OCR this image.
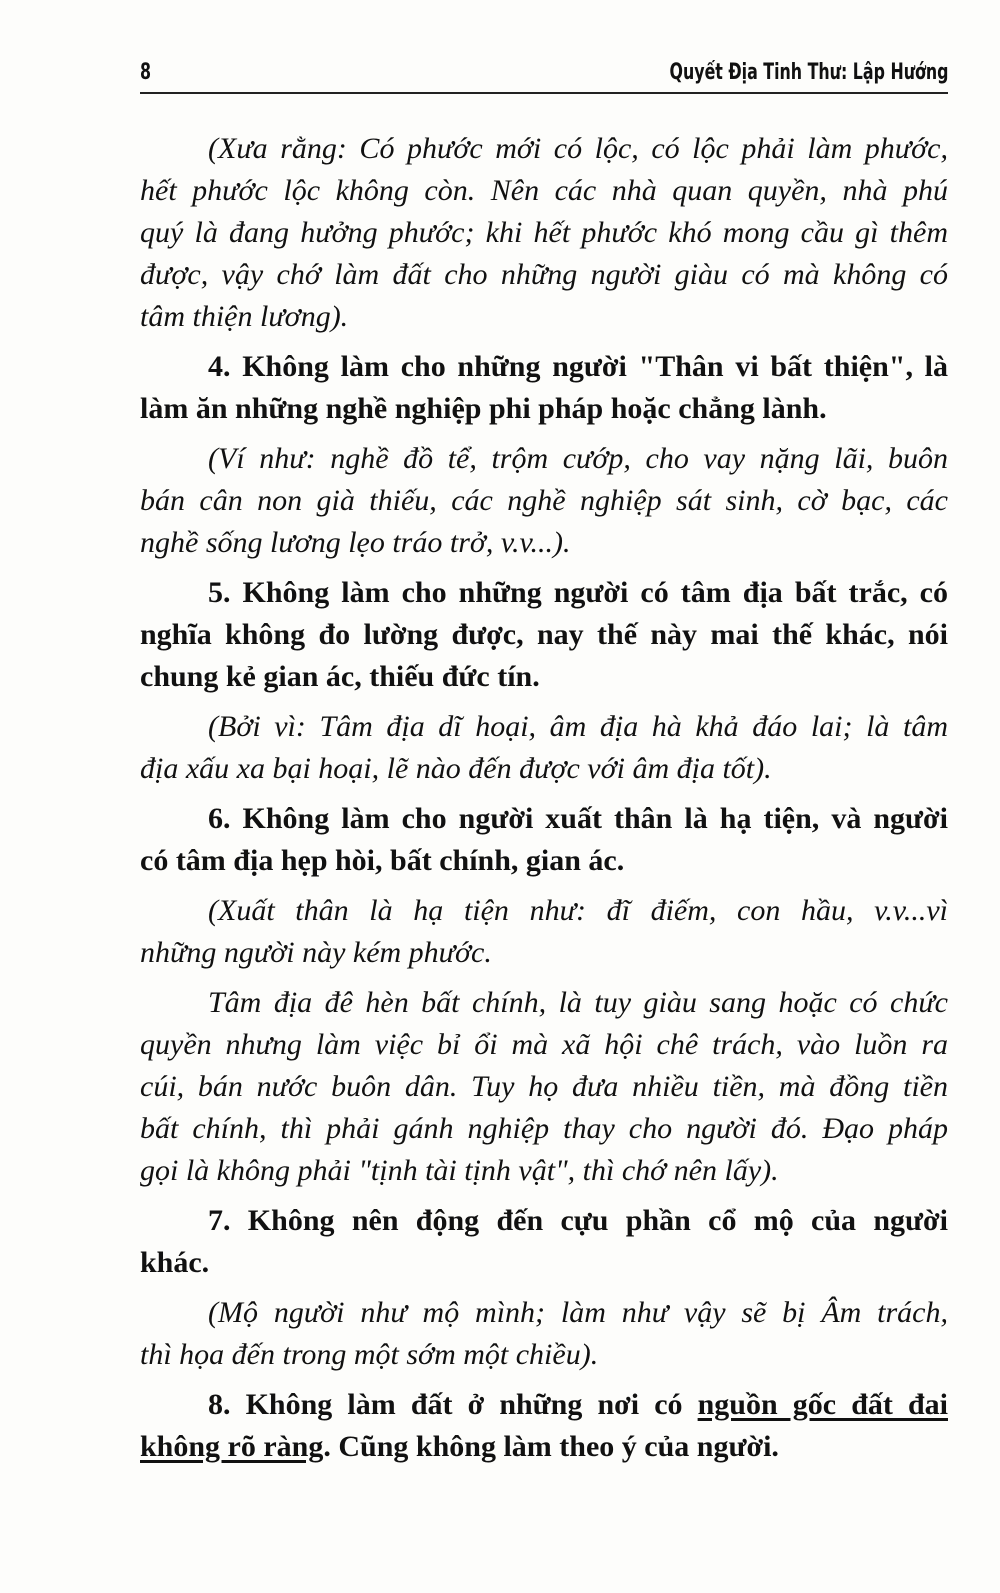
8	Quyết Địa Tinh Thư: Lập Hướng
(Xưa rằng: Có phước mới có lộc, có lộc phải làm phước,
hết phước lộc không còn. Nên các nhà quan quyền, nhà phú
quý là đang hưởng phước; khi hết phước khó mong cầu gì thêm
được, vậy chớ làm đất cho những người giàu có mà không có
tâm thiện lương).
4. Không làm cho những người "Thân vi bất thiện", là
làm ăn những nghề nghiệp phi pháp hoặc chẳng lành.
(Ví như: nghề đồ tể, trộm cướp, cho vay nặng lãi, buôn
bán cân non già thiếu, các nghề nghiệp sát sinh, cờ bạc, các
nghề sống lương lẹo tráo trở, v.v...).
5. Không làm cho những người có tâm địa bất trắc, có
nghĩa không đo lường được, nay thế này mai thế khác, nói
chung kẻ gian ác, thiếu đức tín.
(Bởi vì: Tâm địa dĩ hoại, âm địa hà khả đáo lai; là tâm
địa xấu xa bại hoại, lẽ nào đến được với âm địa tốt).
6. Không làm cho người xuất thân là hạ tiện, và người
có tâm địa hẹp hòi, bất chính, gian ác.
(Xuất thân là hạ tiện như: đĩ điếm, con hầu, v.v...vì
những người này kém phước.
Tâm địa đê hèn bất chính, là tuy giàu sang hoặc có chức
quyền nhưng làm việc bỉ ổi mà xã hội chê trách, vào luồn ra
cúi, bán nước buôn dân. Tuy họ đưa nhiều tiền, mà đồng tiền
bất chính, thì phải gánh nghiệp thay cho người đó. Đạo pháp
gọi là không phải "tịnh tài tịnh vật", thì chớ nên lấy).
7. Không nên động đến cựu phần cổ mộ của người
khác.
(Mộ người như mộ mình; làm như vậy sẽ bị Âm trách,
thì họa đến trong một sớm một chiều).
8. Không làm đất ở những nơi có nguồn gốc đất đai
không rõ ràng. Cũng không làm theo ý của người.
